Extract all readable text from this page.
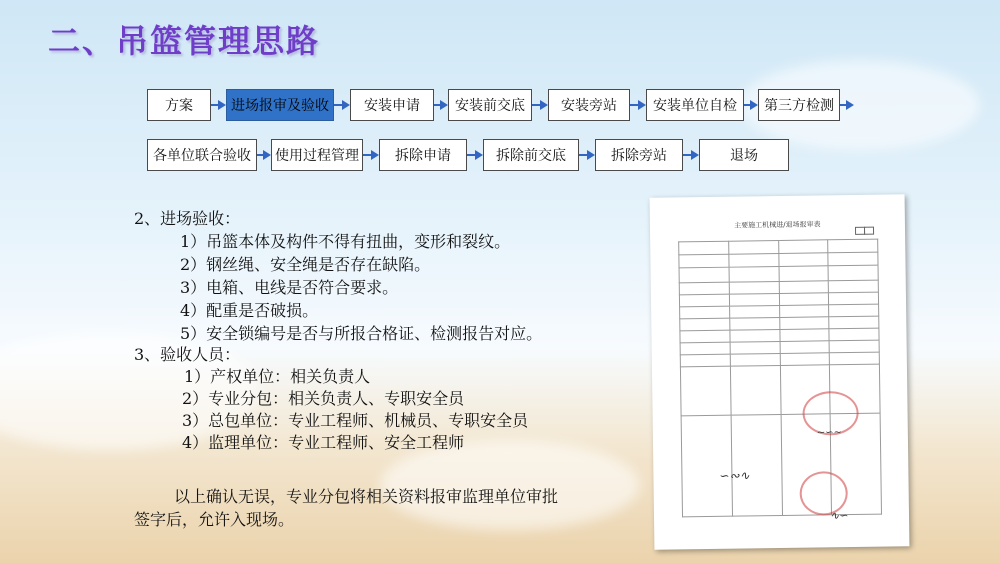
二、吊篮管理思路
方案	进场报审及验收	安装申请	安装前交底	安装旁站	安装单位自检	第三方检测
各单位联合验收	使用过程管理	拆除申请	拆除前交底	拆除旁站	退场
2、进场验收：
1）吊篮本体及构件不得有扭曲，变形和裂纹。
2）钢丝绳、安全绳是否存在缺陷。
3）电箱、电线是否符合要求。
4）配重是否破损。
5）安全锁编号是否与所报合格证、检测报告对应。
3、验收人员：
1）产权单位：相关负责人
2）专业分包：相关负责人、专职安全员
3）总包单位：专业工程师、机械员、专职安全员
4）监理单位：专业工程师、安全工程师
以上确认无误，专业分包将相关资料报审监理单位审批
签字后，允许入现场。
主要施工机械进/退场报审表

~∽~
∽∾∿
∿∽
